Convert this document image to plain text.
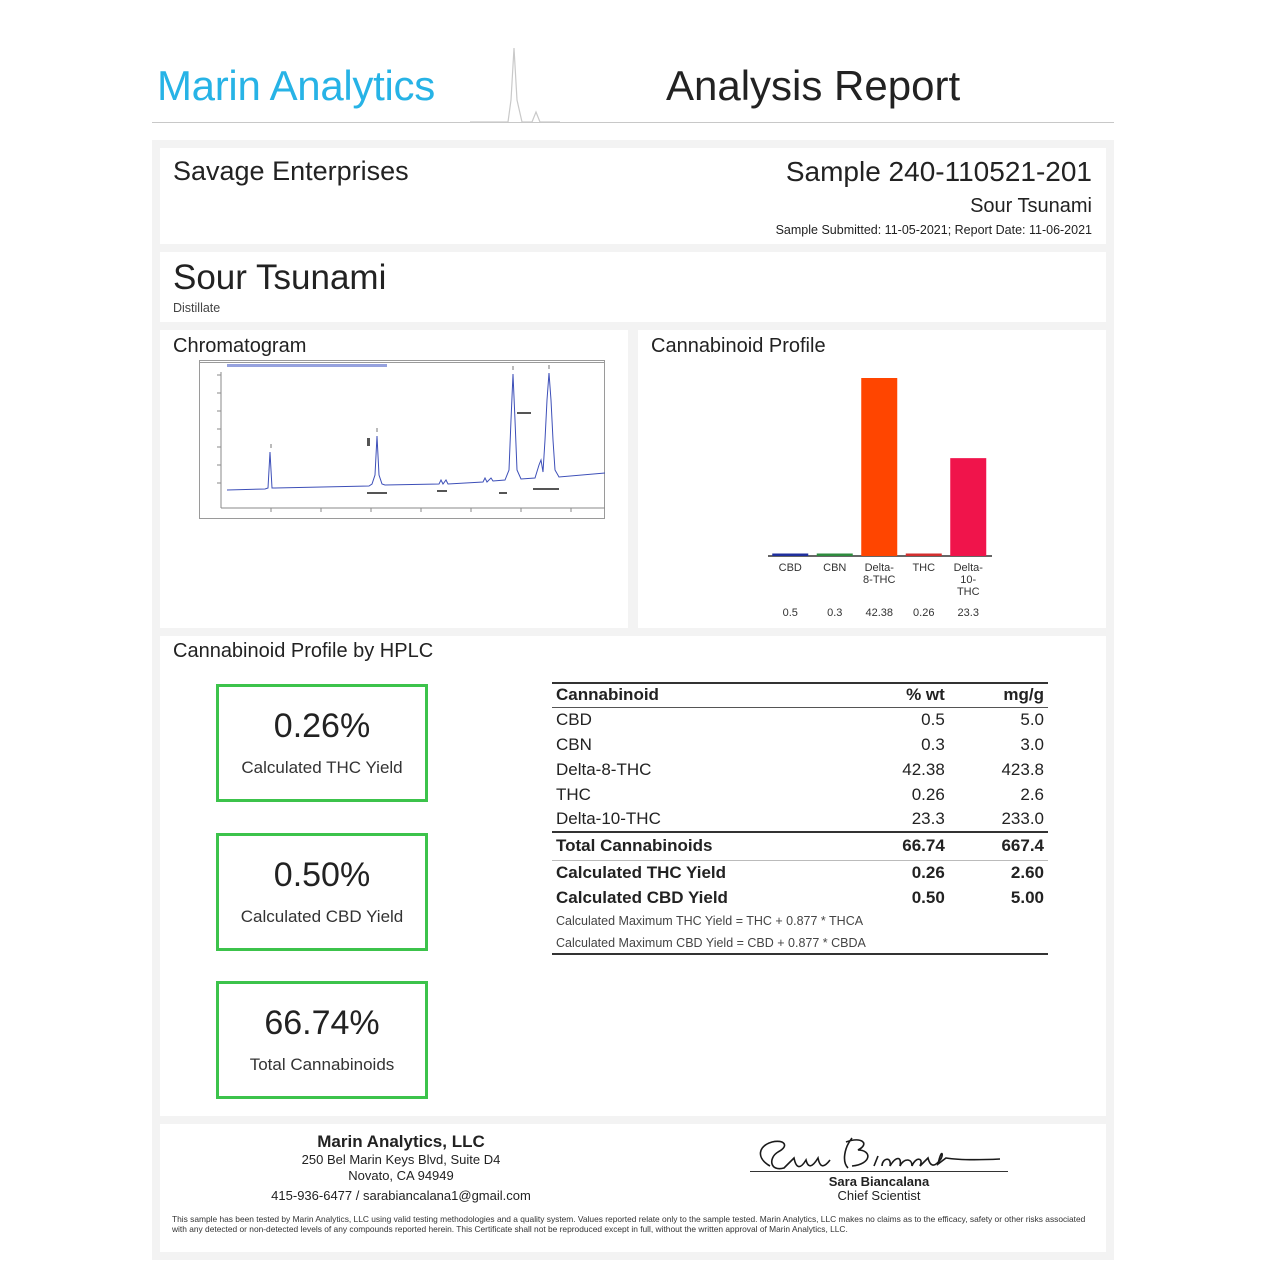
Marin Analytics	Analysis Report
Savage Enterprises	Sample 240-110521-201
Sour Tsunami
Sample Submitted: 11-05-2021; Report Date: 11-06-2021
Sour Tsunami
Distillate
Chromatogram	Cannabinoid Profile
CBD CBN Delta-8-THC
THC Delta-10-THC
0.5	0.3 42.38 0.26 23.3
Cannabinoid Profile by HPLC
0.26%
Calculated THC Yield
0.50%
Calculated CBD Yield
66.74%
Total Cannabinoids
Cannabinoid	% wt	mg/g
CBD	0.5	5.0
CBN	0.3	3.0
Delta-8-THC	42.38	423.8
THC	0.26	2.6
Delta-10-THC	23.3	233.0
Total Cannabinoids	66.74	667.4
Calculated THC Yield	0.26	2.60
Calculated CBD Yield	0.50	5.00
Calculated Maximum THC Yield = THC + 0.877 * THCA		
Calculated Maximum CBD Yield = CBD + 0.877 * CBDA		
Marin Analytics, LLC
250 Bel Marin Keys Blvd, Suite D4
Novato, CA 94949
415-936-6477 / sarabiancalana1@gmail.com
Sara Biancala
Sara Biancalana
Chief Scientist
This sample has been tested by Marin Analytics, LLC using valid testing methodologies and a quality system. Values reported relate only to the sample tested. Marin Analytics, LLC makes no claims as to the efficacy, safety or other risks associated with any detected or non-detected levels of any compounds reported herein. This Certificate shall not be reproduced except in full, without the written approval of Marin Analytics, LLC.
